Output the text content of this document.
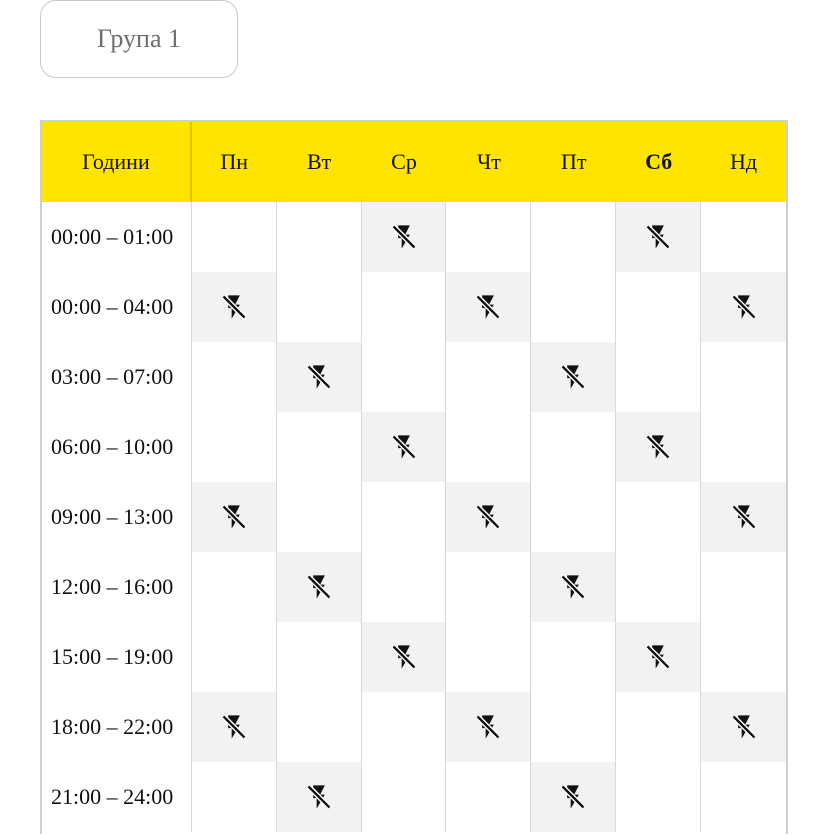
Група 1
Години	Пн	Вт	Ср	Чт	Пт	Сб	Нд
00:00 – 01:00
00:00 – 04:00
03:00 – 07:00
06:00 – 10:00
09:00 – 13:00
12:00 – 16:00
15:00 – 19:00
18:00 – 22:00
21:00 – 24:00
